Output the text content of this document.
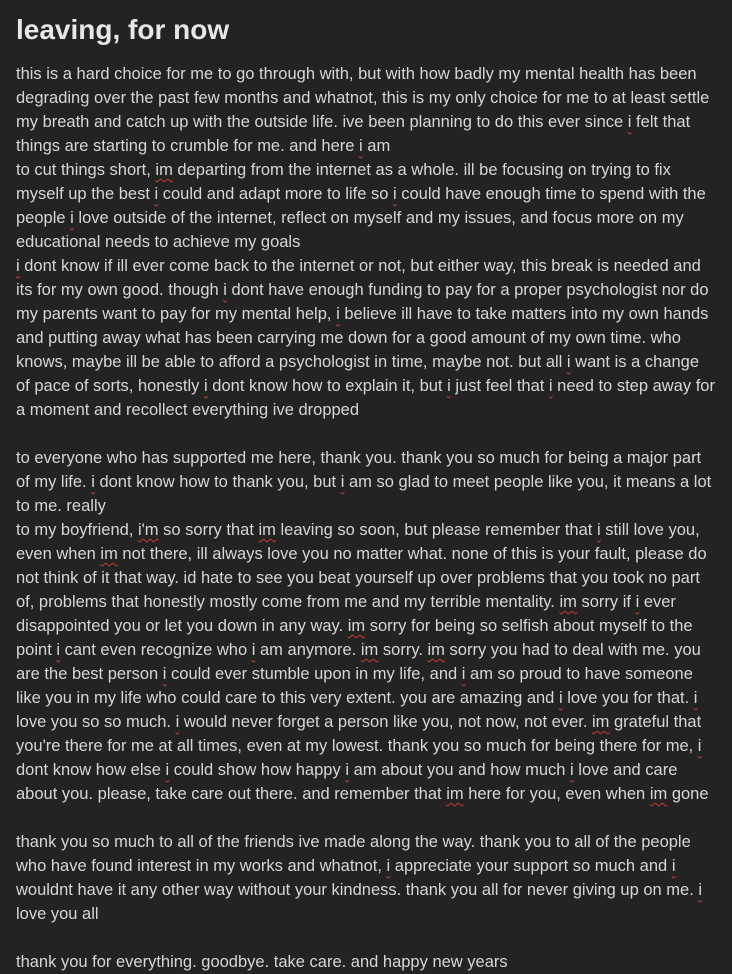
leaving, for now

this is a hard choice for me to go through with, but with how badly my mental health has been degrading over the past few months and whatnot, this is my only choice for me to at least settle my breath and catch up with the outside life. ive been planning to do this ever since i felt that things are starting to crumble for me. and here i am

to cut things short, im departing from the internet as a whole. ill be focusing on trying to fix myself up the best i could and adapt more to life so i could have enough time to spend with the people i love outside of the internet, reflect on myself and my issues, and focus more on my educational needs to achieve my goals

i dont know if ill ever come back to the internet or not, but either way, this break is needed and its for my own good. though i dont have enough funding to pay for a proper psychologist nor do my parents want to pay for my mental help, i believe ill have to take matters into my own hands and putting away what has been carrying me down for a good amount of my own time. who knows, maybe ill be able to afford a psychologist in time, maybe not. but all i want is a change of pace of sorts, honestly i dont know how to explain it, but i just feel that i need to step away for a moment and recollect everything ive dropped

to everyone who has supported me here, thank you. thank you so much for being a major part of my life. i dont know how to thank you, but i am so glad to meet people like you, it means a lot to me. really

to my boyfriend, i'm so sorry that im leaving so soon, but please remember that i still love you, even when im not there, ill always love you no matter what. none of this is your fault, please do not think of it that way. id hate to see you beat yourself up over problems that you took no part of, problems that honestly mostly come from me and my terrible mentality. im sorry if i ever disappointed you or let you down in any way. im sorry for being so selfish about myself to the point i cant even recognize who i am anymore. im sorry. im sorry you had to deal with me. you are the best person i could ever stumble upon in my life, and i am so proud to have someone like you in my life who could care to this very extent. you are amazing and i love you for that. i love you so so much. i would never forget a person like you, not now, not ever. im grateful that you're there for me at all times, even at my lowest. thank you so much for being there for me, i dont know how else i could show how happy i am about you and how much i love and care about you. please, take care out there. and remember that im here for you, even when im gone

thank you so much to all of the friends ive made along the way. thank you to all of the people who have found interest in my works and whatnot, i appreciate your support so much and i wouldnt have it any other way without your kindness. thank you all for never giving up on me. i love you all

thank you for everything. goodbye. take care. and happy new years
